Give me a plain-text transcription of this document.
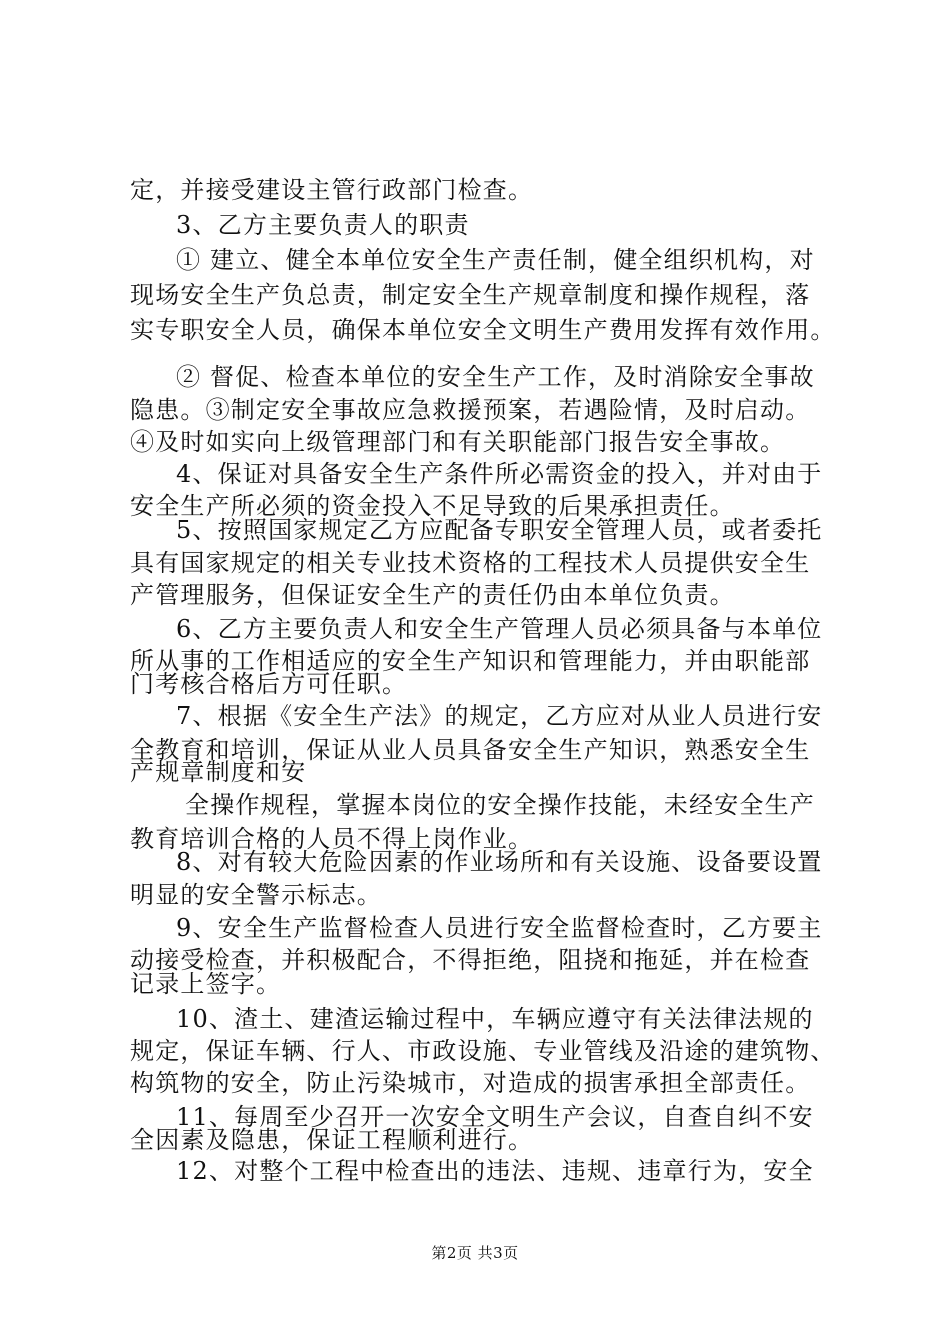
定，并接受建设主管行政部门检查。
3、乙方主要负责人的职责
① 建立、健全本单位安全生产责任制，健全组织机构，对
现场安全生产负总责，制定安全生产规章制度和操作规程，落
实专职安全人员，确保本单位安全文明生产费用发挥有效作用。
② 督促、检查本单位的安全生产工作，及时消除安全事故
隐患。③制定安全事故应急救援预案，若遇险情，及时启动。
④及时如实向上级管理部门和有关职能部门报告安全事故。
4、保证对具备安全生产条件所必需资金的投入，并对由于
安全生产所必须的资金投入不足导致的后果承担责任。
5、按照国家规定乙方应配备专职安全管理人员，或者委托
具有国家规定的相关专业技术资格的工程技术人员提供安全生
产管理服务，但保证安全生产的责任仍由本单位负责。
6、乙方主要负责人和安全生产管理人员必须具备与本单位
所从事的工作相适应的安全生产知识和管理能力，并由职能部
门考核合格后方可任职。
7、根据《安全生产法》的规定，乙方应对从业人员进行安
全教育和培训，保证从业人员具备安全生产知识，熟悉安全生
产规章制度和安
全操作规程，掌握本岗位的安全操作技能，未经安全生产
教育培训合格的人员不得上岗作业。
8、对有较大危险因素的作业场所和有关设施、设备要设置
明显的安全警示标志。
9、安全生产监督检查人员进行安全监督检查时，乙方要主
动接受检查，并积极配合，不得拒绝，阻挠和拖延，并在检查
记录上签字。
10、渣土、建渣运输过程中，车辆应遵守有关法律法规的
规定，保证车辆、行人、市政设施、专业管线及沿途的建筑物、
构筑物的安全，防止污染城市，对造成的损害承担全部责任。
11、每周至少召开一次安全文明生产会议，自查自纠不安
全因素及隐患，保证工程顺利进行。
12、对整个工程中检查出的违法、违规、违章行为，安全
第2页 共3页
